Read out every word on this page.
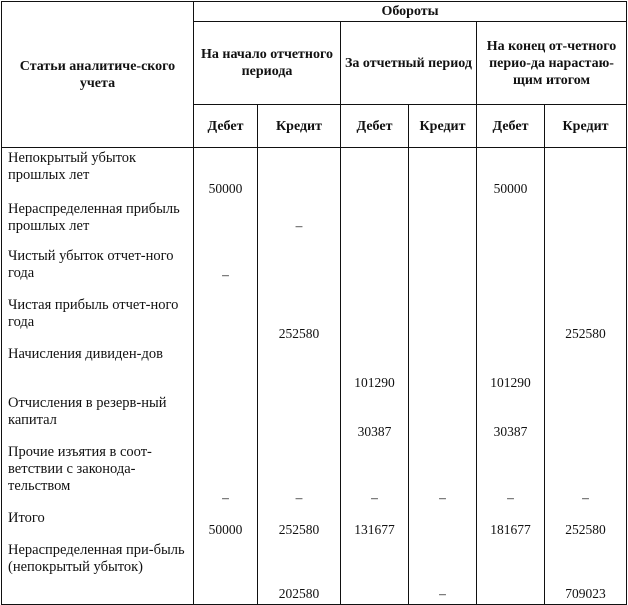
Статьи аналитиче-ского учета	Обороты					
	На начало отчетного периода		За отчетный период		На конец от-четного перио-да нарастаю-щим итогом	
	Дебет	Кредит	Дебет	Кредит	Дебет	Кредит
Непокрытый убыток прошлых лет	50000				50000	
Нераспределенная прибыль прошлых лет		–				
Чистый убыток отчет-ного года	–					
Чистая прибыль отчет-ного года		252580				252580
Начисления дивиден-дов			101290		101290	
Отчисления в резерв-ный капитал			30387		30387	
Прочие изъятия в соот-ветствии с законода-тельством	–	–	–	–	–	–
Итого	50000	252580	131677		181677	252580
Нераспределенная при-быль (непокрытый убыток)		202580		–		709023
